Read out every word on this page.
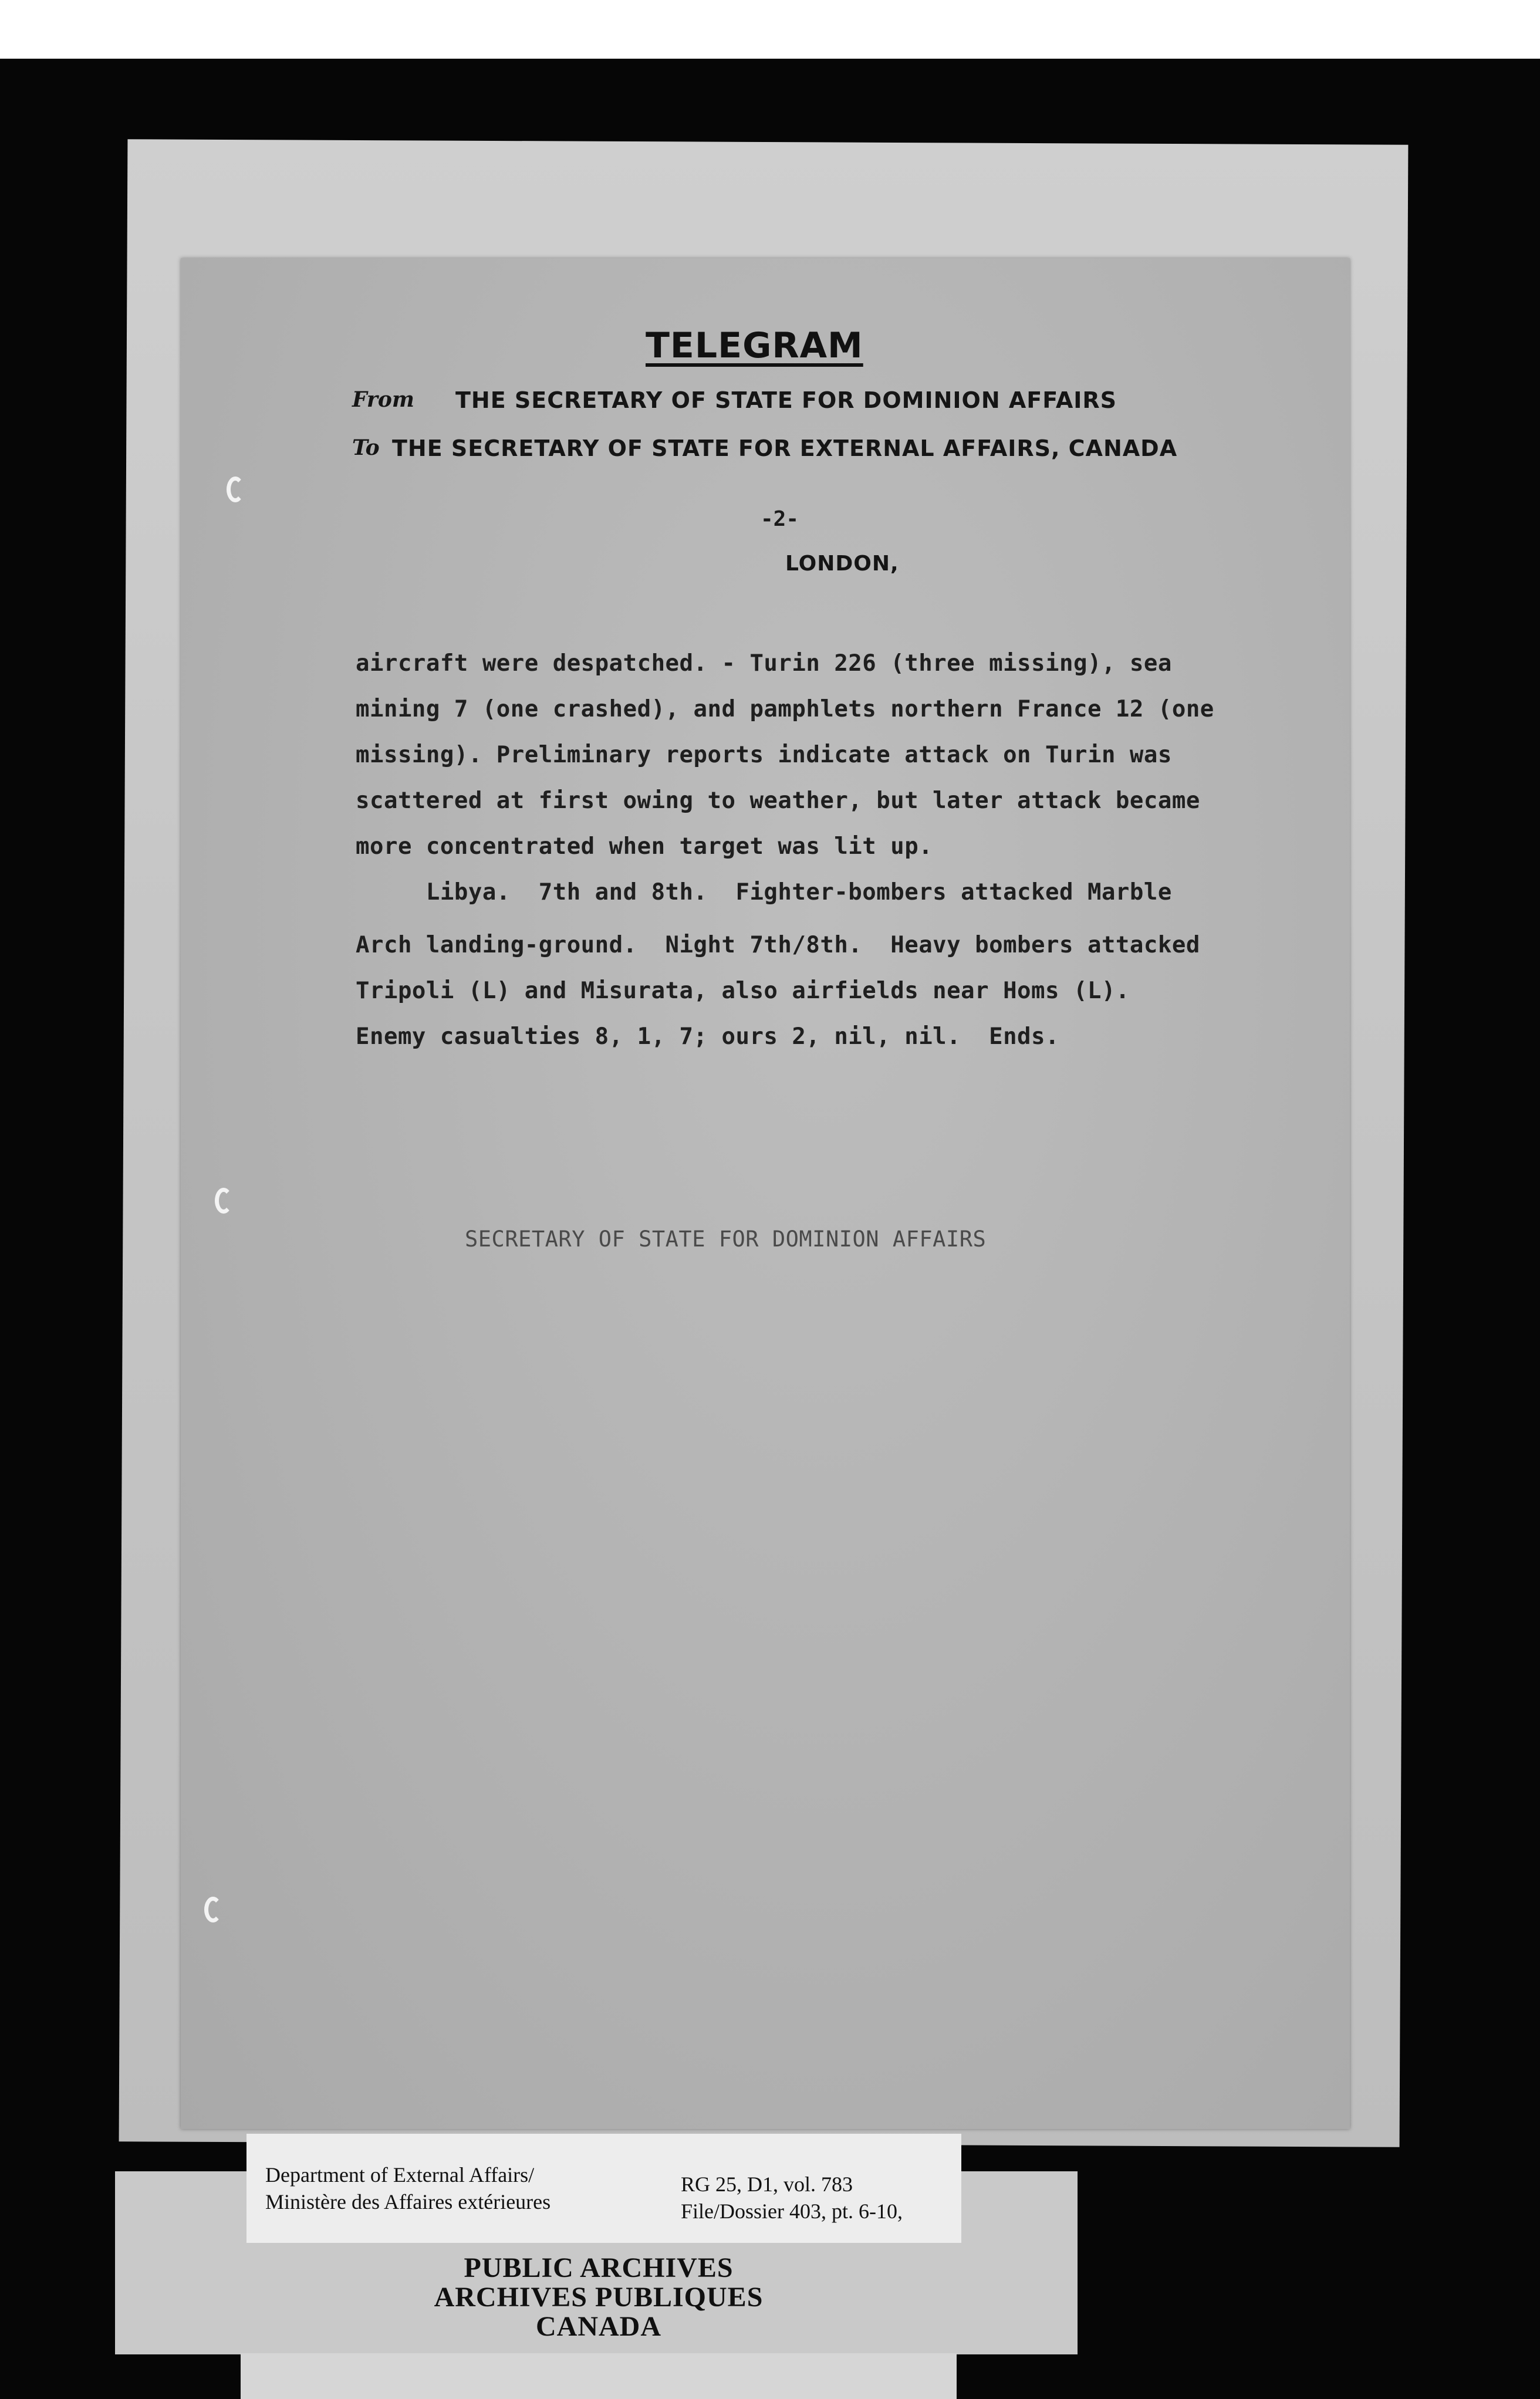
TELEGRAM
From THE SECRETARY OF STATE FOR DOMINION AFFAIRS
To THE SECRETARY OF STATE FOR EXTERNAL AFFAIRS, CANADA
-2-
LONDON,
aircraft were despatched. - Turin 226 (three missing), sea
mining 7 (one crashed), and pamphlets northern France 12 (one
missing). Preliminary reports indicate attack on Turin was
scattered at first owing to weather, but later attack became
more concentrated when target was lit up.
Libya.  7th and 8th.  Fighter-bombers attacked Marble
Arch landing-ground.  Night 7th/8th.  Heavy bombers attacked
Tripoli (L) and Misurata, also airfields near Homs (L).
Enemy casualties 8, 1, 7; ours 2, nil, nil.  Ends.
SECRETARY OF STATE FOR DOMINION AFFAIRS
Department of External Affairs/
Ministère des Affaires extérieures
RG 25, D1, vol. 783
File/Dossier 403, pt. 6-10,
PUBLIC ARCHIVES
ARCHIVES PUBLIQUES
CANADA
